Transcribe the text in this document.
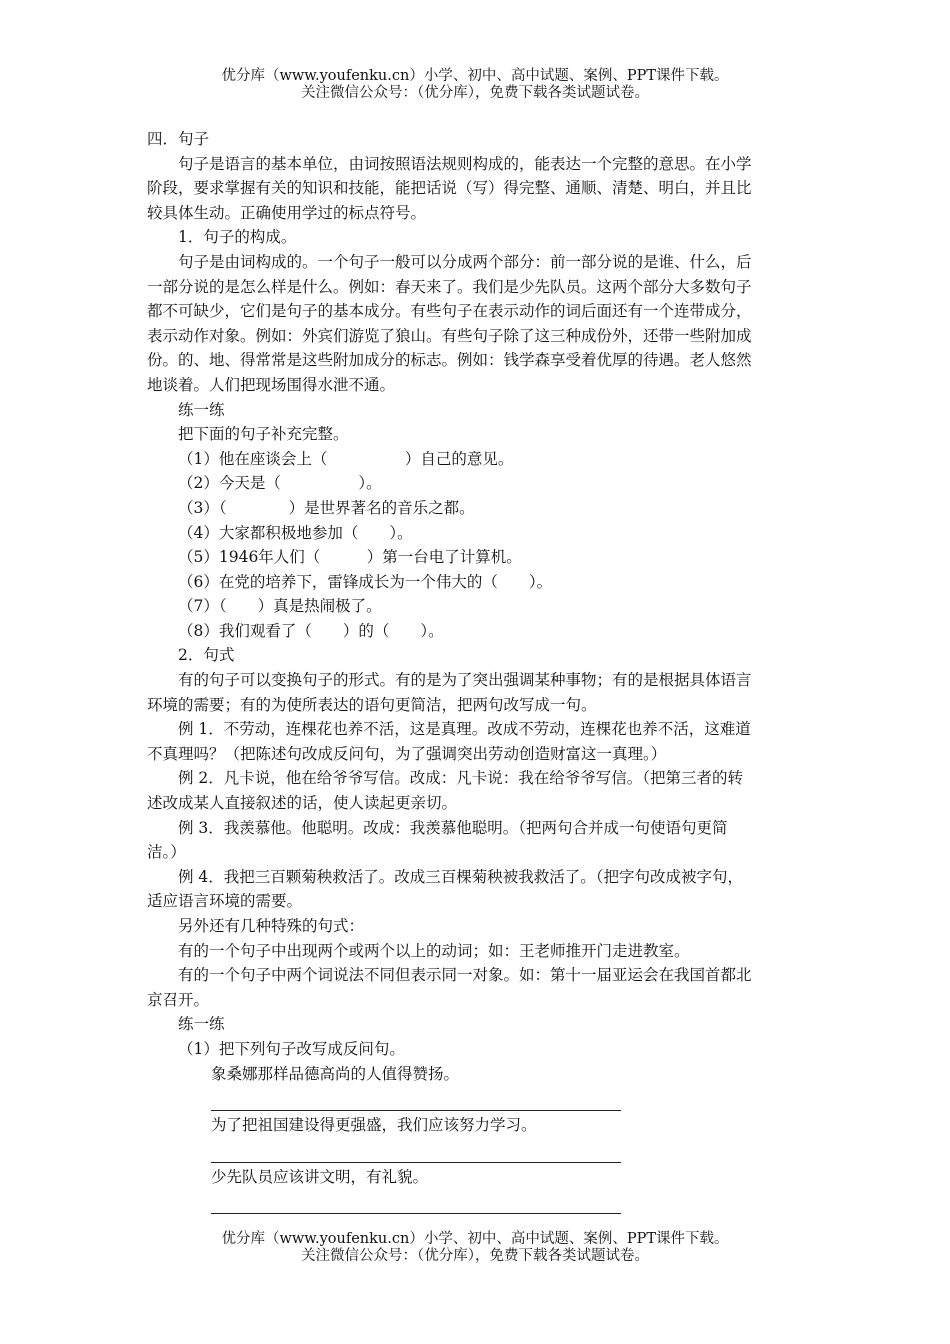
优分库（www.youfenku.cn）小学、初中、高中试题、案例、PPT课件下载。
关注微信公众号：（优分库），免费下载各类试题试卷。

四．句子

句子是语言的基本单位，由词按照语法规则构成的，能表达一个完整的意思。在小学

阶段，要求掌握有关的知识和技能，能把话说（写）得完整、通顺、清楚、明白，并且比

较具体生动。正确使用学过的标点符号。

1．句子的构成。

句子是由词构成的。一个句子一般可以分成两个部分：前一部分说的是谁、什么，后

一部分说的是怎么样是什么。例如：春天来了。我们是少先队员。这两个部分大多数句子

都不可缺少，它们是句子的基本成分。有些句子在表示动作的词后面还有一个连带成分，

表示动作对象。例如：外宾们游览了狼山。有些句子除了这三种成份外，还带一些附加成

份。的、地、得常常是这些附加成分的标志。例如：钱学森享受着优厚的待遇。老人悠然

地谈着。人们把现场围得水泄不通。

练一练

把下面的句子补充完整。

（1）他在座谈会上（　　　　　）自己的意见。

（2）今天是（　　　　　）。

（3）（　　　　）是世界著名的音乐之都。

（4）大家都积极地参加（　　）。

（5）1946年人们（　　　）第一台电了计算机。

（6）在党的培养下，雷锋成长为一个伟大的（　　）。

（7）（　　）真是热闹极了。

（8）我们观看了（　　）的（　　）。

2．句式

有的句子可以变换句子的形式。有的是为了突出强调某种事物；有的是根据具体语言

环境的需要；有的为使所表达的语句更简洁，把两句改写成一句。

例 1．不劳动，连棵花也养不活，这是真理。改成不劳动，连棵花也养不活，这难道

不真理吗？（把陈述句改成反问句，为了强调突出劳动创造财富这一真理。）

例 2．凡卡说，他在给爷爷写信。改成：凡卡说：我在给爷爷写信。（把第三者的转

述改成某人直接叙述的话，使人读起更亲切。

例 3．我羡慕他。他聪明。改成：我羡慕他聪明。（把两句合并成一句使语句更简

洁。）

例 4．我把三百颗菊秧救活了。改成三百棵菊秧被我救活了。（把字句改成被字句，

适应语言环境的需要。

另外还有几种特殊的句式：

有的一个句子中出现两个或两个以上的动词；如：王老师推开门走进教室。

有的一个句子中两个词说法不同但表示同一对象。如：第十一届亚运会在我国首都北

京召开。

练一练

（1）把下列句子改写成反问句。

象桑娜那样品德高尚的人值得赞扬。

为了把祖国建设得更强盛，我们应该努力学习。

少先队员应该讲文明，有礼貌。

优分库（www.youfenku.cn）小学、初中、高中试题、案例、PPT课件下载。
关注微信公众号：（优分库），免费下载各类试题试卷。
